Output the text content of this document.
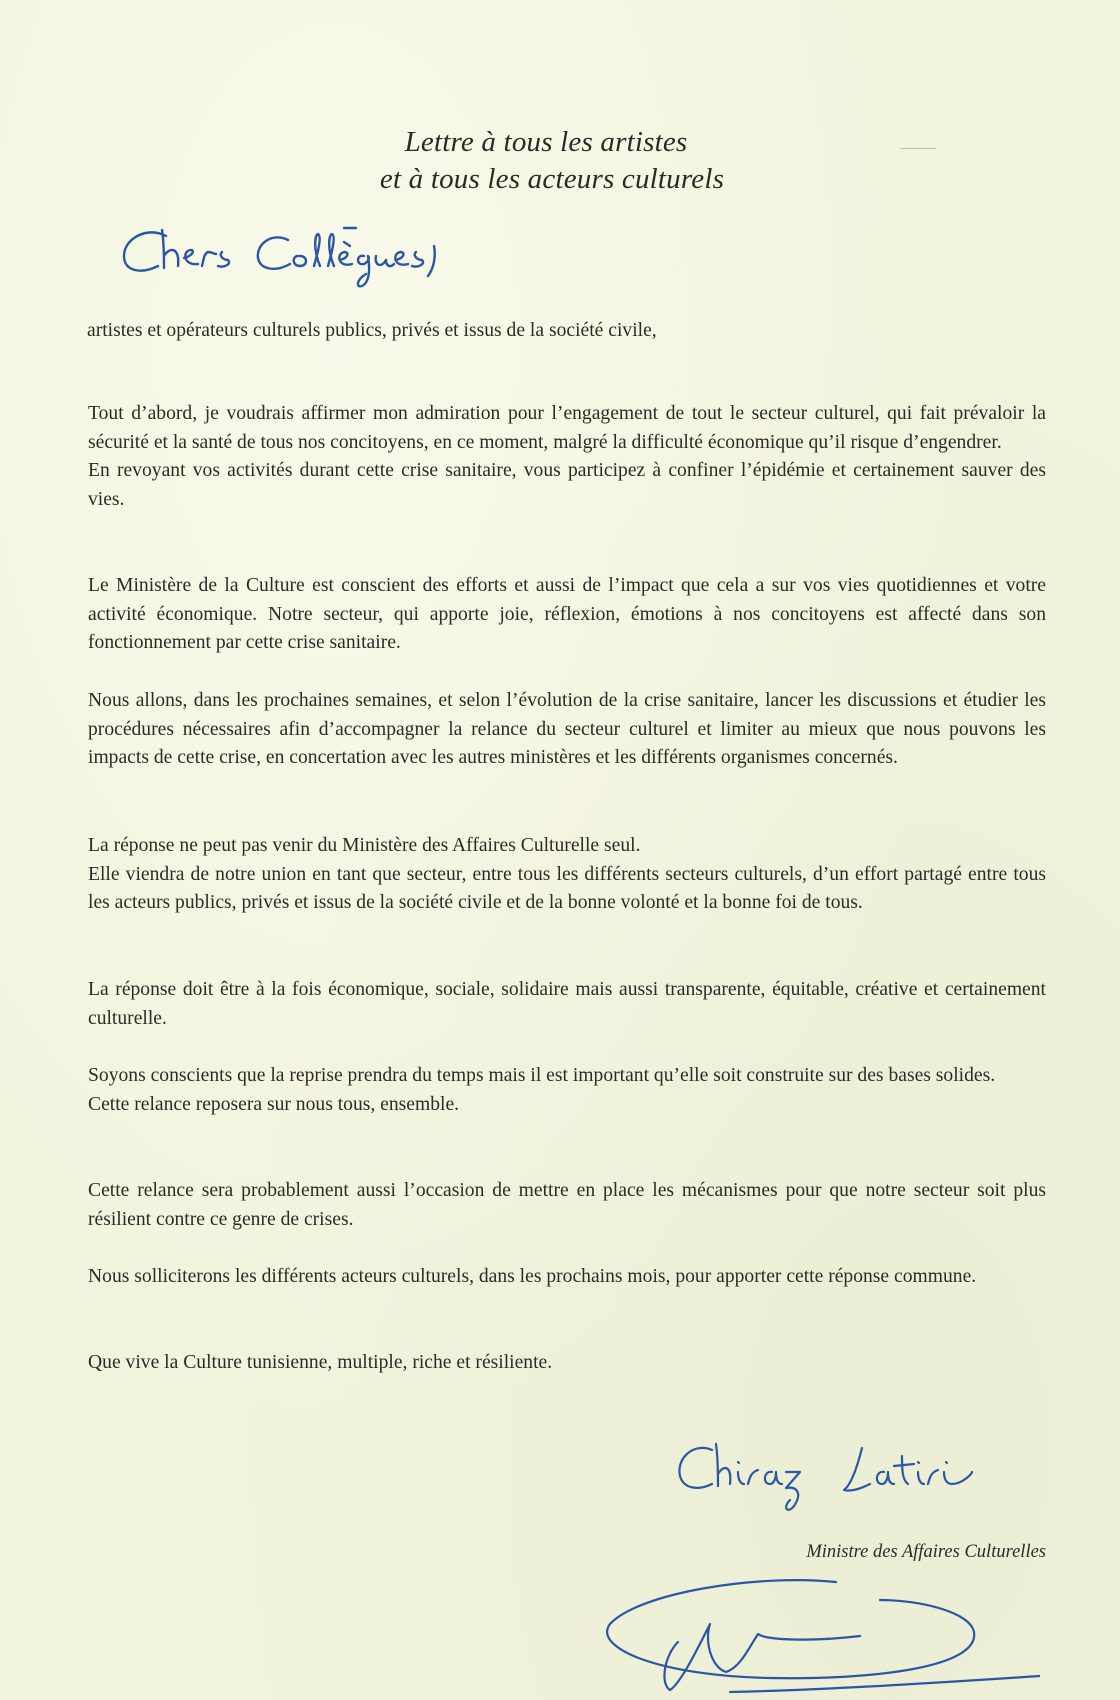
Lettre à tous les artistes
et à tous les acteurs culturels

artistes et opérateurs culturels publics, privés et issus de la société civile,

Tout d’abord, je voudrais affirmer mon admiration pour l’engagement de tout le secteur culturel, qui fait prévaloir la sécurité et la santé de tous nos concitoyens, en ce moment, malgré la difficulté économique qu’il risque d’engendrer.

En revoyant vos activités durant cette crise sanitaire, vous participez à confiner l’épidémie et certainement sauver des vies.

Le Ministère de la Culture est conscient des efforts et aussi de l’impact que cela a sur vos vies quotidiennes et votre activité économique. Notre secteur, qui apporte joie, réflexion, émotions à nos concitoyens est affecté dans son fonctionnement par cette crise sanitaire.

Nous allons, dans les prochaines semaines, et selon l’évolution de la crise sanitaire, lancer les discussions et étudier les procédures nécessaires afin d’accompagner la relance du secteur culturel et limiter au mieux que nous pouvons les impacts de cette crise, en concertation avec les autres ministères et les différents organismes concernés.

La réponse ne peut pas venir du Ministère des Affaires Culturelle seul.

Elle viendra de notre union en tant que secteur, entre tous les différents secteurs culturels, d’un effort partagé entre tous les acteurs publics, privés et issus de la société civile et de la bonne volonté et la bonne foi de tous.

La réponse doit être à la fois économique, sociale, solidaire mais aussi transparente, équitable, créative et certainement culturelle.

Soyons conscients que la reprise prendra du temps mais il est important qu’elle soit construite sur des bases solides.

Cette relance reposera sur nous tous, ensemble.

Cette relance sera probablement aussi l’occasion de mettre en place les mécanismes pour que notre secteur soit plus résilient contre ce genre de crises.

Nous solliciterons les différents acteurs culturels, dans les prochains mois, pour apporter cette réponse commune.

Que vive la Culture tunisienne, multiple, riche et résiliente.

Ministre des Affaires Culturelles
